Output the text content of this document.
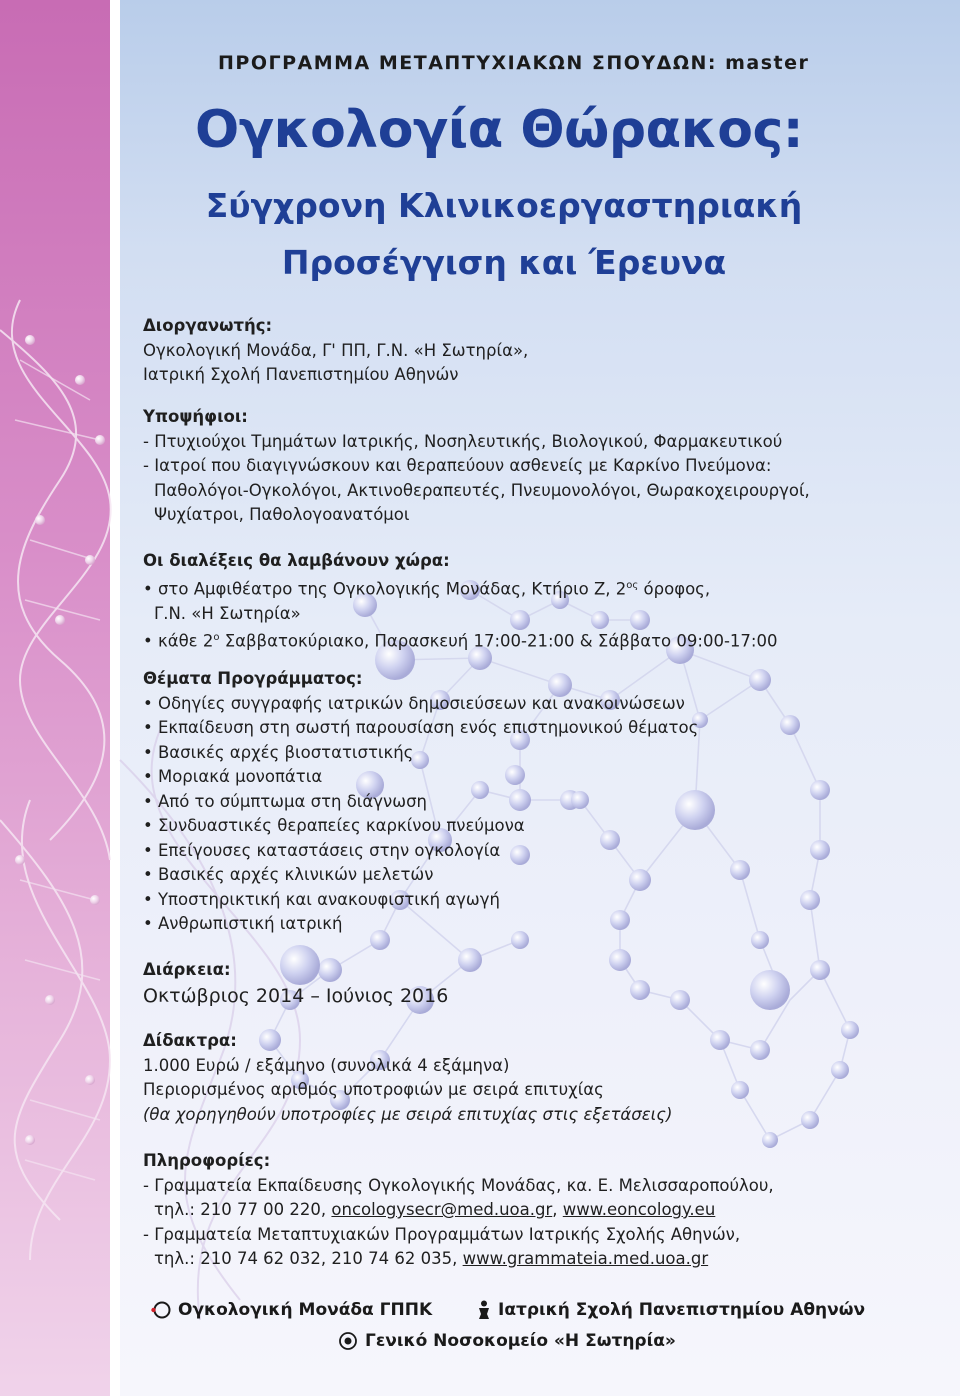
ΠΡΟΓΡΑΜΜΑ ΜΕΤΑΠΤΥΧΙΑΚΩΝ ΣΠΟΥΔΩΝ: master
Ογκολογία Θώρακος:
Σύγχρονη Κλινικοεργαστηριακή
Προσέγγιση και Έρευνα
Διοργανωτής:

Ογκολογική Μονάδα, Γ' ΠΠ, Γ.Ν. «Η Σωτηρία»,

Ιατρική Σχολή Πανεπιστημίου Αθηνών

Υποψήφιοι:

- Πτυχιούχοι Τμημάτων Ιατρικής, Νοσηλευτικής, Βιολογικού, Φαρμακευτικού

- Ιατροί που διαγιγνώσκουν και θεραπεύουν ασθενείς με Καρκίνο Πνεύμονα:

Παθολόγοι-Ογκολόγοι, Ακτινοθεραπευτές, Πνευμονολόγοι, Θωρακοχειρουργοί,

Ψυχίατροι, Παθολογοανατόμοι

Οι διαλέξεις θα λαμβάνουν χώρα:

• στο Αμφιθέατρο της Ογκολογικής Μονάδας, Κτήριο Ζ, $2^{o\varsigma}$ όροφος,

Γ.Ν. «Η Σωτηρία»

• κάθε $2^o$ Σαββατοκύριακο, Παρασκευή 17:00-21:00 & Σάββατο 09:00-17:00

Θέματα Προγράμματος:
• Οδηγίες συγγραφής ιατρικών δημοσιεύσεων και ανακοινώσεων
• Εκπαίδευση στη σωστή παρουσίαση ενός επιστημονικού θέματος
• Βασικές αρχές βιοστατιστικής
• Μοριακά μονοπάτια
• Από το σύμπτωμα στη διάγνωση
• Συνδυαστικές θεραπείες καρκίνου πνεύμονα
• Επείγουσες καταστάσεις στην ογκολογία
• Βασικές αρχές κλινικών μελετών
• Υποστηρικτική και ανακουφιστική αγωγή
• Ανθρωπιστική ιατρική
Διάρκεια:

Οκτώβριος 2014 – Ιούνιος 2016

Δίδακτρα:

1.000 Ευρώ / εξάμηνο (συνολικά 4 εξάμηνα)

Περιορισμένος αριθμός υποτροφιών με σειρά επιτυχίας

(θα χορηγηθούν υποτροφίες με σειρά επιτυχίας στις εξετάσεις)

Πληροφορίες:

- Γραμματεία Εκπαίδευσης Ογκολογικής Μονάδας, κα. Ε. Μελισσαροπούλου,

τηλ.: 210 77 00 220, oncologysecr@med.uoa.gr, www.eoncology.eu

- Γραμματεία Μεταπτυχιακών Προγραμμάτων Ιατρικής Σχολής Αθηνών,

τηλ.: 210 74 62 032, 210 74 62 035, www.grammateia.med.uoa.gr

Ογκολογική Μονάδα ΓΠΠΚ	Ιατρική Σχολή Πανεπιστημίου Αθηνών
Γενικό Νοσοκομείο «Η Σωτηρία»
